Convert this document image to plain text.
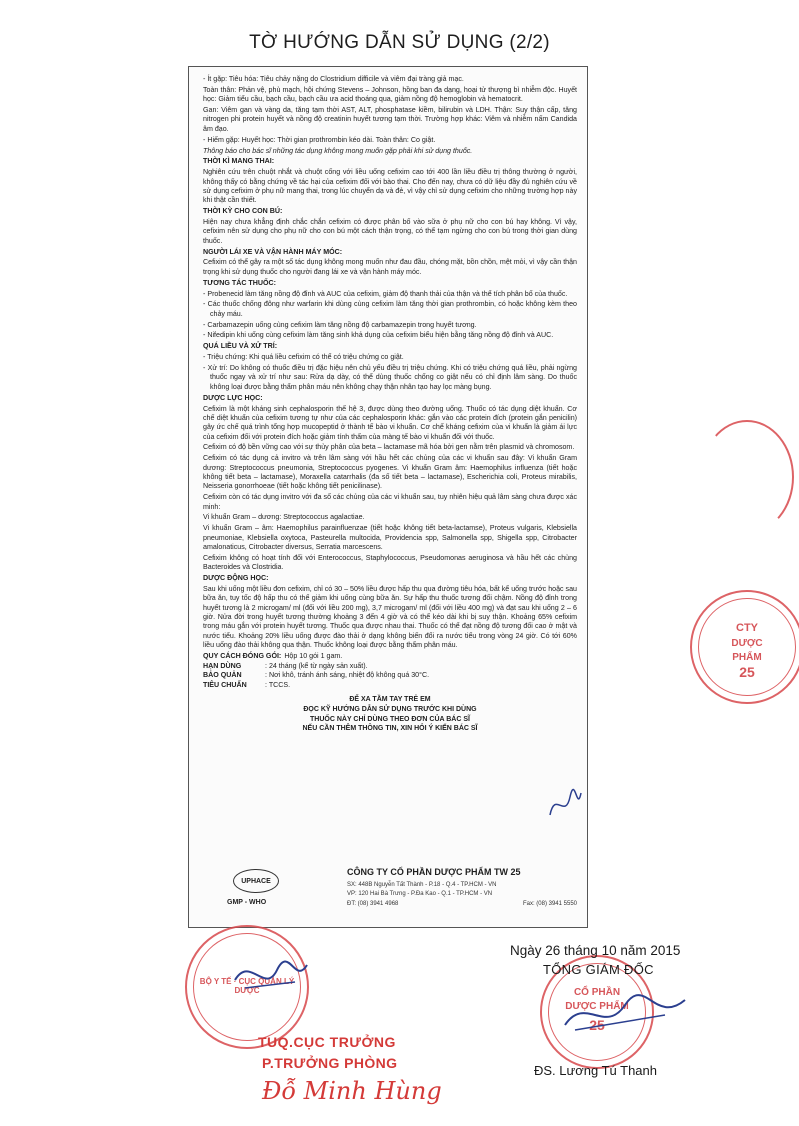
TỜ HƯỚNG DẪN SỬ DỤNG (2/2)

- Ít gặp: Tiêu hóa: Tiêu chảy nặng do Clostridium difficile và viêm đại tràng giả mạc.

Toàn thân: Phản vệ, phù mạch, hội chứng Stevens – Johnson, hồng ban đa dạng, hoại tử thượng bì nhiễm độc. Huyết học: Giảm tiểu cầu, bạch cầu, bạch cầu ưa acid thoáng qua, giảm nồng độ hemoglobin và hematocrit.

Gan: Viêm gan và vàng da, tăng tạm thời AST, ALT, phosphatase kiềm, bilirubin và LDH. Thận: Suy thận cấp, tăng nitrogen phi protein huyết và nồng độ creatinin huyết tương tạm thời. Trường hợp khác: Viêm và nhiễm nấm Candida âm đạo.

- Hiếm gặp: Huyết học: Thời gian prothrombin kéo dài. Toàn thân: Co giật.

Thông báo cho bác sĩ những tác dụng không mong muốn gặp phải khi sử dụng thuốc.

THỜI KÌ MANG THAI:

Nghiên cứu trên chuột nhắt và chuột cống với liều uống cefixim cao tới 400 lần liều điều trị thông thường ở người, không thấy có bằng chứng về tác hại của cefixim đối với bào thai. Cho đến nay, chưa có dữ liệu đầy đủ nghiên cứu về sử dụng cefixim ở phụ nữ mang thai, trong lúc chuyển dạ và đẻ, vì vậy chỉ sử dụng cefixim cho những trường hợp này khi thật cần thiết.

THỜI KỲ CHO CON BÚ:

Hiện nay chưa khẳng định chắc chắn cefixim có được phân bố vào sữa ở phụ nữ cho con bú hay không. Vì vậy, cefixim nên sử dụng cho phụ nữ cho con bú một cách thận trọng, có thể tạm ngừng cho con bú trong thời gian dùng thuốc.

NGƯỜI LÁI XE VÀ VẬN HÀNH MÁY MÓC:

Cefixim có thể gây ra một số tác dụng không mong muốn như đau đầu, chóng mặt, bồn chồn, mệt mỏi, vì vậy cần thận trọng khi sử dụng thuốc cho người đang lái xe và vận hành máy móc.

TƯƠNG TÁC THUỐC:

- Probenecid làm tăng nồng độ đỉnh và AUC của cefixim, giảm độ thanh thải của thận và thể tích phân bố của thuốc.

- Các thuốc chống đông như warfarin khi dùng cùng cefixim làm tăng thời gian prothrombin, có hoặc không kèm theo chảy máu.

- Carbamazepin uống cùng cefixim làm tăng nồng độ carbamazepin trong huyết tương.

- Nifedipin khi uống cùng cefixim làm tăng sinh khả dụng của cefixim biểu hiện bằng tăng nồng độ đỉnh và AUC.

QUÁ LIỀU VÀ XỬ TRÍ:

- Triệu chứng: Khi quá liều cefixim có thể có triệu chứng co giật.

- Xử trí: Do không có thuốc điều trị đặc hiệu nên chủ yếu điều trị triệu chứng. Khi có triệu chứng quá liều, phải ngừng thuốc ngay và xử trí như sau: Rửa dạ dày, có thể dùng thuốc chống co giật nếu có chỉ định lâm sàng. Do thuốc không loại được bằng thẩm phân máu nên không chạy thận nhân tạo hay lọc màng bụng.

DƯỢC LỰC HỌC:

Cefixim là một kháng sinh cephalosporin thế hệ 3, được dùng theo đường uống. Thuốc có tác dụng diệt khuẩn. Cơ chế diệt khuẩn của cefixim tương tự như của các cephalosporin khác: gắn vào các protein đích (protein gắn penicilin) gây ức chế quá trình tổng hợp mucopeptid ở thành tế bào vi khuẩn. Cơ chế kháng cefixim của vi khuẩn là giảm ái lực của cefixim đối với protein đích hoặc giảm tính thấm của màng tế bào vi khuẩn đối với thuốc.

Cefixim có độ bền vững cao với sự thủy phân của beta – lactamase mã hóa bởi gen nằm trên plasmid và chromosom.

Cefixim có tác dụng cả invitro và trên lâm sàng với hầu hết các chủng của các vi khuẩn sau đây: Vi khuẩn Gram dương: Streptococcus pneumonia, Streptococcus pyogenes. Vi khuẩn Gram âm: Haemophilus influenza (tiết hoặc không tiết beta – lactamase), Moraxella catarrhalis (đa số tiết beta – lactamase), Escherichia coli, Proteus mirabilis, Neisseria gonorrhoeae (tiết hoặc không tiết penicilinase).

Cefixim còn có tác dụng invitro với đa số các chủng của các vi khuẩn sau, tuy nhiên hiệu quả lâm sàng chưa được xác minh:

Vi khuẩn Gram – dương: Streptococcus agalactiae.

Vi khuẩn Gram – âm: Haemophilus parainfluenzae (tiết hoặc không tiết beta-lactamse), Proteus vulgaris, Klebsiella pneumoniae, Klebsiella oxytoca, Pasteurella multocida, Providencia spp, Salmonella spp, Shigella spp, Citrobacter amalonaticus, Citrobacter diversus, Serratia marcescens.

Cefixim không có hoạt tính đối với Enterococcus, Staphylococcus, Pseudomonas aeruginosa và hầu hết các chủng Bacteroides và Clostridia.

DƯỢC ĐỘNG HỌC:

Sau khi uống một liều đơn cefixim, chỉ có 30 – 50% liều được hấp thu qua đường tiêu hóa, bất kể uống trước hoặc sau bữa ăn, tuy tốc độ hấp thu có thể giảm khi uống cùng bữa ăn. Sự hấp thu thuốc tương đối chậm. Nồng độ đỉnh trong huyết tương là 2 microgam/ ml (đối với liều 200 mg), 3,7 microgam/ ml (đối với liều 400 mg) và đạt sau khi uống 2 – 6 giờ. Nửa đời trong huyết tương thường khoảng 3 đến 4 giờ và có thể kéo dài khi bị suy thận. Khoảng 65% cefixim trong máu gắn với protein huyết tương. Thuốc qua được nhau thai. Thuốc có thể đạt nồng độ tương đối cao ở mật và nước tiểu. Khoảng 20% liều uống được đào thải ở dạng không biến đổi ra nước tiểu trong vòng 24 giờ. Có tới 60% liều uống đào thải không qua thận. Thuốc không loại được bằng thẩm phân máu.

QUY CÁCH ĐÓNG GÓI: Hộp 10 gói 1 gam.
HẠN DÙNG	: 24 tháng (kể từ ngày sản xuất).
BẢO QUẢN	: Nơi khô, tránh ánh sáng, nhiệt độ không quá 30°C.
TIÊU CHUẨN	: TCCS.
ĐỂ XA TẦM TAY TRẺ EM
ĐỌC KỸ HƯỚNG DẪN SỬ DỤNG TRƯỚC KHI DÙNG
THUỐC NÀY CHỈ DÙNG THEO ĐƠN CỦA BÁC SĨ
NẾU CẦN THÊM THÔNG TIN, XIN HỎI Ý KIẾN BÁC SĨ
UPHACE
GMP - WHO
CÔNG TY CỔ PHẦN DƯỢC PHẨM TW 25
SX: 448B Nguyễn Tất Thành - P.18 - Q.4 - TP.HCM - VN
VP: 120 Hai Bà Trưng - P.Đa Kao - Q.1 - TP.HCM - VN
ĐT: (08) 3941 4968	Fax: (08) 3941 5550
CTY
DƯỢC
PHẨM
25
BỘ Y TẾ · CỤC QUẢN LÝ DƯỢC	CỔ PHẦN
DƯỢC PHẨM
25
Ngày 26 tháng 10 năm 2015
TỔNG GIÁM ĐỐC
ĐS. Lương Tú Thanh
TUQ.CỤC TRƯỞNG
P.TRƯỞNG PHÒNG
Đỗ Minh Hùng
